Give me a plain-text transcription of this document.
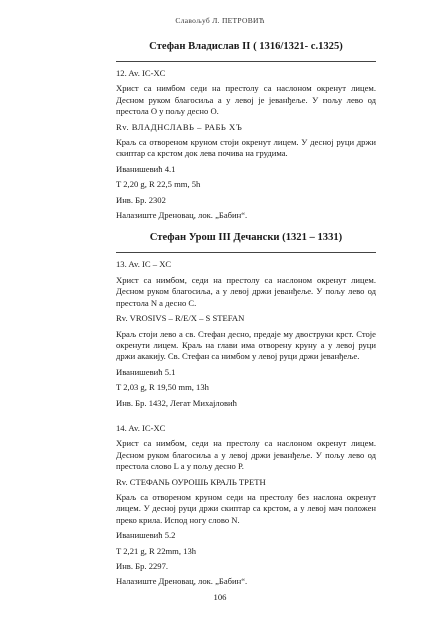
Славољуб Л. ПЕТРОВИЋ
Стефан Владислав II ( 1316/1321- с.1325)

12. Av. IC-XC

Христ са нимбом седи на престолу са наслоном окренут лицем. Десном руком благосиља а у левој је јеванђеље. У пољу лево од престола О у пољу десно О.

Rv. ВЛАДНСЛАВЬ – РАБЬ ХЪ

Краљ са отвореном круном стоји окренут лицем. У десној руци држи скиптар са крстом док лева почива на грудима.

Иванишевић 4.1

T 2,20 g, R 22,5 mm, 5h

Инв. Бр. 2302

Налазиште Дреновац, лок. „Бабин“.

Стефан Урош III Дечански (1321 – 1331)

13. Av. IC – XC

Христ са нимбом, седи на престолу са наслоном окренут лицем. Десном руком благосиља, а у левој држи јеванђеље. У пољу лево од престола N а десно С.

Rv. VROSIVS – R/E/X – S STEFAN

Краљ стоји лево а св. Стефан десно, предаје му двоструки крст. Стоје окренути лицем. Краљ на глави има отворену круну а у левој руци држи акакију. Св. Стефан са нимбом у левој руци држи јеванђеље.

Иванишевић 5.1

T 2,03 g, R 19,50 mm, 13h

Инв. Бр. 1432, Легат Михајловић

14. Av. IC-XC

Христ са нимбом, седи на престолу са наслоном окренут лицем. Десном руком благосиља а у левој држи јеванђеље. У пољу лево од престола слово L а у пољу десно Р.

Rv. СТЕФАNЬ ОУРОШЬ КРАЛЬ ТРЕТН

Краљ са отвореном круном седи на престолу без наслона окренут лицем. У десној руци држи скиптар са крстом, а у левој мач положен преко крила. Испод ногу слово N.

Иванишевић 5.2

T 2,21 g, R 22mm, 13h

Инв. Бр. 2297.

Налазиште Дреновац, лок. „Бабин“.

106
